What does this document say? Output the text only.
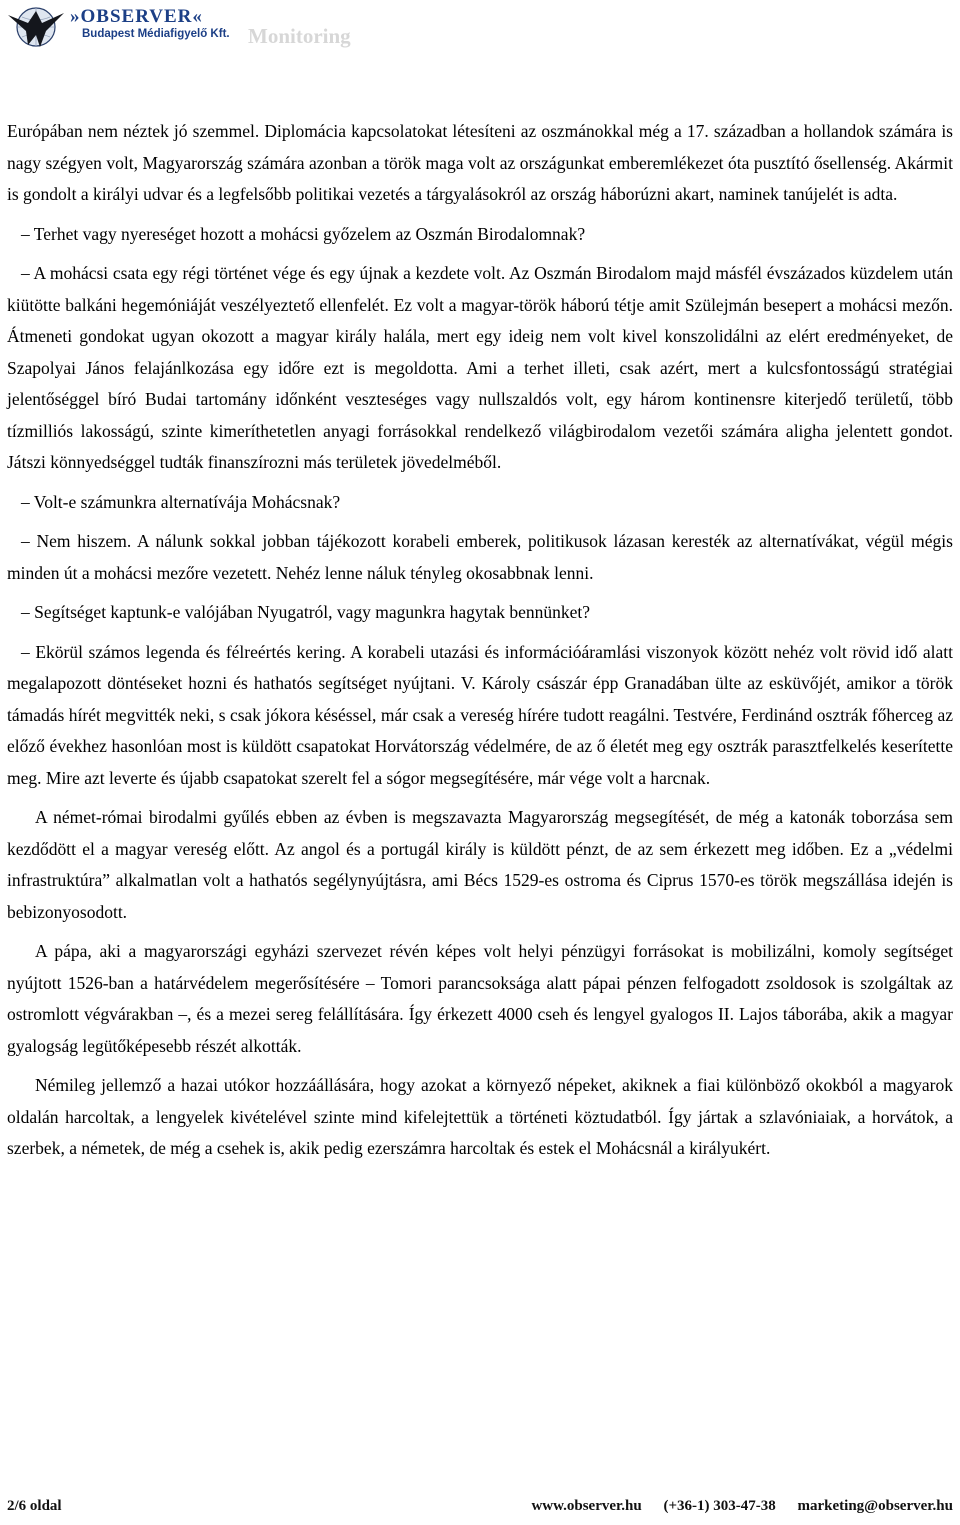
»OBSERVER«
Budapest Médiafigyelő Kft. Monitoring

Európában nem néztek jó szemmel. Diplomácia kapcsolatokat létesíteni az oszmánokkal még a 17. században a hollandok számára is nagy szégyen volt, Magyarország számára azonban a török maga volt az országunkat emberemlékezet óta pusztító ősellenség. Akármit is gondolt a királyi udvar és a legfelsőbb politikai vezetés a tárgyalásokról az ország háborúzni akart, naminek tanújelét is adta.

– Terhet vagy nyereséget hozott a mohácsi győzelem az Oszmán Birodalomnak?

– A mohácsi csata egy régi történet vége és egy újnak a kezdete volt. Az Oszmán Birodalom majd másfél évszázados küzdelem után kiütötte balkáni hegemóniáját veszélyeztető ellenfelét. Ez volt a magyar-török háború tétje amit Szülejmán besepert a mohácsi mezőn. Átmeneti gondokat ugyan okozott a magyar király halála, mert egy ideig nem volt kivel konszolidálni az elért eredményeket, de Szapolyai János felajánlkozása egy időre ezt is megoldotta. Ami a terhet illeti, csak azért, mert a kulcsfontosságú stratégiai jelentőséggel bíró Budai tartomány időnként veszteséges vagy nullszaldós volt, egy három kontinensre kiterjedő területű, több tízmilliós lakosságú, szinte kimeríthetetlen anyagi forrásokkal rendelkező világbirodalom vezetői számára aligha jelentett gondot. Játszi könnyedséggel tudták finanszírozni más területek jövedelméből.

– Volt-e számunkra alternatívája Mohácsnak?

– Nem hiszem. A nálunk sokkal jobban tájékozott korabeli emberek, politikusok lázasan keresték az alternatívákat, végül mégis minden út a mohácsi mezőre vezetett. Nehéz lenne náluk tényleg okosabbnak lenni.

– Segítséget kaptunk-e valójában Nyugatról, vagy magunkra hagytak bennünket?

– Ekörül számos legenda és félreértés kering. A korabeli utazási és információáramlási viszonyok között nehéz volt rövid idő alatt megalapozott döntéseket hozni és hathatós segítséget nyújtani. V. Károly császár épp Granadában ülte az esküvőjét, amikor a török támadás hírét megvitték neki, s csak jókora késéssel, már csak a vereség hírére tudott reagálni. Testvére, Ferdinánd osztrák főherceg az előző évekhez hasonlóan most is küldött csapatokat Horvátország védelmére, de az ő életét meg egy osztrák parasztfelkelés keserítette meg. Mire azt leverte és újabb csapatokat szerelt fel a sógor megsegítésére, már vége volt a harcnak.

A német-római birodalmi gyűlés ebben az évben is megszavazta Magyarország megsegítését, de még a katonák toborzása sem kezdődött el a magyar vereség előtt. Az angol és a portugál király is küldött pénzt, de az sem érkezett meg időben. Ez a „védelmi infrastruktúra” alkalmatlan volt a hathatós segélynyújtásra, ami Bécs 1529-es ostroma és Ciprus 1570-es török megszállása idején is bebizonyosodott.

A pápa, aki a magyarországi egyházi szervezet révén képes volt helyi pénzügyi forrásokat is mobilizálni, komoly segítséget nyújtott 1526-ban a határvédelem megerősítésére – Tomori parancsoksága alatt pápai pénzen felfogadott zsoldosok is szolgáltak az ostromlott végvárakban –, és a mezei sereg felállítására. Így érkezett 4000 cseh és lengyel gyalogos II. Lajos táborába, akik a magyar gyalogság legütőképesebb részét alkották.

Némileg jellemző a hazai utókor hozzáállására, hogy azokat a környező népeket, akiknek a fiai különböző okokból a magyarok oldalán harcoltak, a lengyelek kivételével szinte mind kifelejtettük a történeti köztudatból. Így jártak a szlavóniaiak, a horvátok, a szerbek, a németek, de még a csehek is, akik pedig ezerszámra harcoltak és estek el Mohácsnál a királyukért.

2/6 oldal	www.observer.hu (+36-1) 303-47-38 marketing@observer.hu
